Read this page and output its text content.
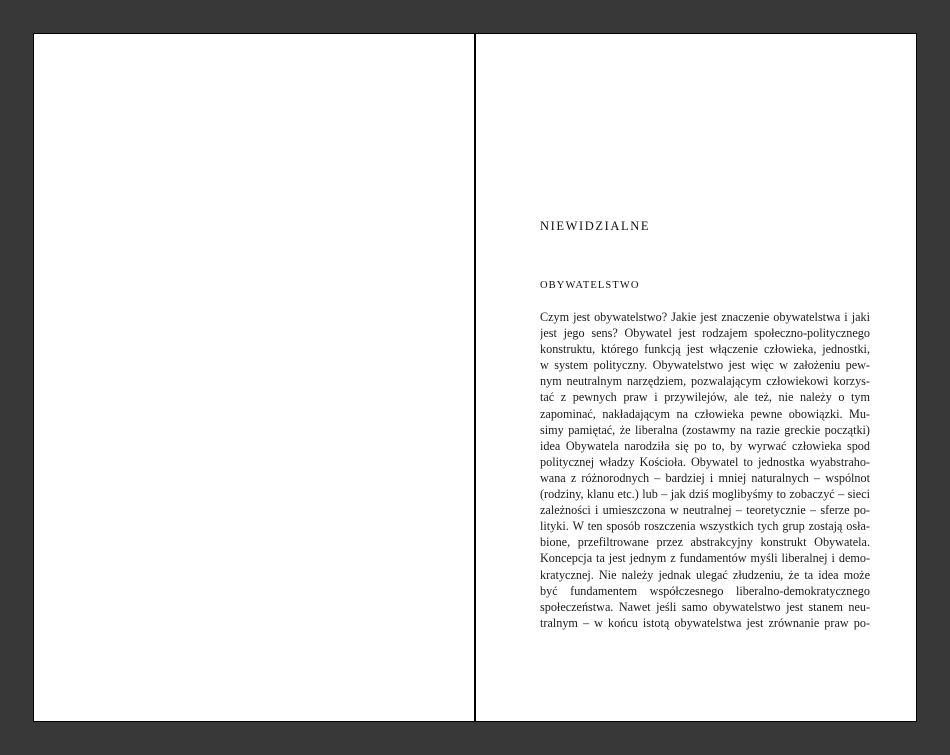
NIEWIDZIALNE
OBYWATELSTWO
Czym jest obywatelstwo? Jakie jest znaczenie obywatelstwa i jaki
jest jego sens? Obywatel jest rodzajem społeczno-politycznego
konstruktu, którego funkcją jest włączenie człowieka, jednostki,
w system polityczny. Obywatelstwo jest więc w założeniu pew-
nym neutralnym narzędziem, pozwalającym człowiekowi korzys-
tać z pewnych praw i przywilejów, ale też, nie należy o tym
zapominać, nakładającym na człowieka pewne obowiązki. Mu-
simy pamiętać, że liberalna (zostawmy na razie greckie początki)
idea Obywatela narodziła się po to, by wyrwać człowieka spod
politycznej władzy Kościoła. Obywatel to jednostka wyabstraho-
wana z różnorodnych – bardziej i mniej naturalnych – wspólnot
(rodziny, klanu etc.) lub – jak dziś moglibyśmy to zobaczyć – sieci
zależności i umieszczona w neutralnej – teoretycznie – sferze po-
lityki. W ten sposób roszczenia wszystkich tych grup zostają osła-
bione, przefiltrowane przez abstrakcyjny konstrukt Obywatela.
Koncepcja ta jest jednym z fundamentów myśli liberalnej i demo-
kratycznej. Nie należy jednak ulegać złudzeniu, że ta idea może
być fundamentem współczesnego liberalno-demokratycznego
społeczeństwa. Nawet jeśli samo obywatelstwo jest stanem neu-
tralnym – w końcu istotą obywatelstwa jest zrównanie praw po-
